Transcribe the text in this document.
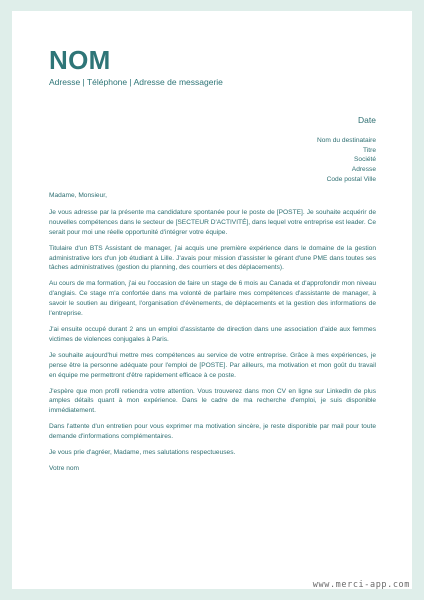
NOM
Adresse | Téléphone | Adresse de messagerie
Date
Nom du destinataire
Titre
Société
Adresse
Code postal Ville

Madame, Monsieur,

Je vous adresse par la présente ma candidature spontanée pour le poste de [POSTE]. Je souhaite acquérir de nouvelles compétences dans le secteur de [SECTEUR D'ACTIVITÉ], dans lequel votre entreprise est leader. Ce serait pour moi une réelle opportunité d'intégrer votre équipe.

Titulaire d'un BTS Assistant de manager, j'ai acquis une première expérience dans le domaine de la gestion administrative lors d'un job étudiant à Lille. J'avais pour mission d'assister le gérant d'une PME dans toutes ses tâches administratives (gestion du planning, des courriers et des déplacements).

Au cours de ma formation, j'ai eu l'occasion de faire un stage de 6 mois au Canada et d'approfondir mon niveau d'anglais. Ce stage m'a confortée dans ma volonté de parfaire mes compétences d'assistante de manager, à savoir le soutien au dirigeant, l'organisation d'évènements, de déplacements et la gestion des informations de l'entreprise.

J'ai ensuite occupé durant 2 ans un emploi d'assistante de direction dans une association d'aide aux femmes victimes de violences conjugales à Paris.

Je souhaite aujourd'hui mettre mes compétences au service de votre entreprise. Grâce à mes expériences, je pense être la personne adéquate pour l'emploi de [POSTE]. Par ailleurs, ma motivation et mon goût du travail en équipe me permettront d'être rapidement efficace à ce poste.

J'espère que mon profil retiendra votre attention. Vous trouverez dans mon CV en ligne sur LinkedIn de plus amples détails quant à mon expérience. Dans le cadre de ma recherche d'emploi, je suis disponible immédiatement.

Dans l'attente d'un entretien pour vous exprimer ma motivation sincère, je reste disponible par mail pour toute demande d'informations complémentaires.

Je vous prie d'agréer, Madame, mes salutations respectueuses.

Votre nom

www.merci-app.com
